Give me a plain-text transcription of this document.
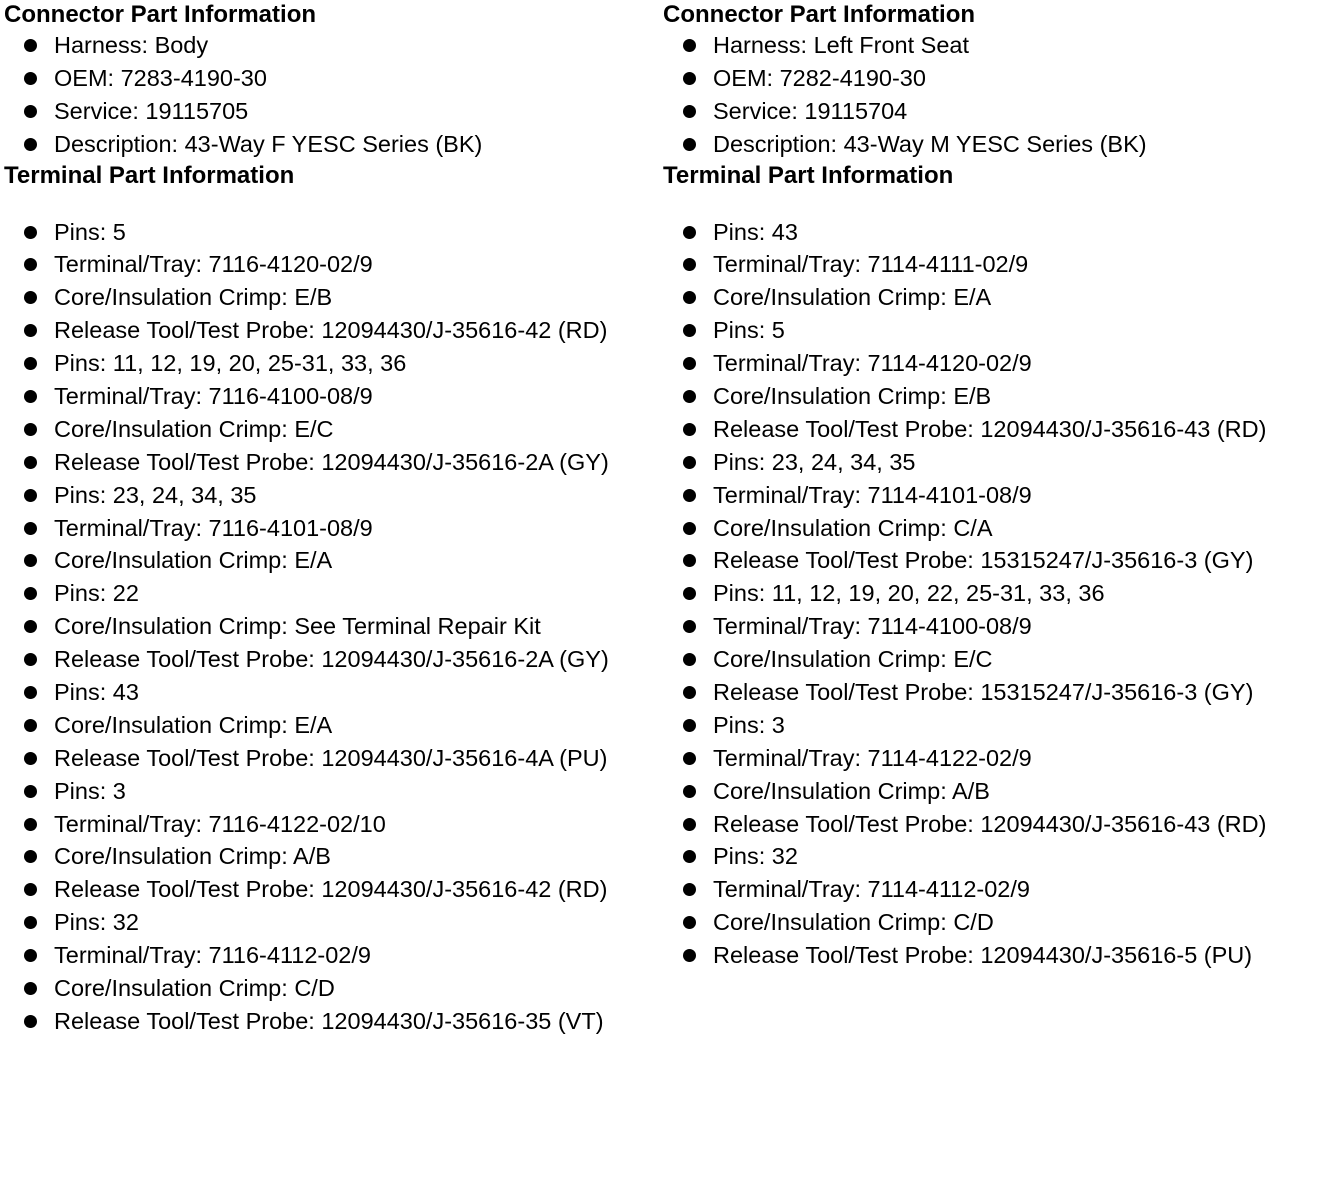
Connector Part Information
Harness: Body
OEM: 7283-4190-30
Service: 19115705
Description: 43-Way F YESC Series (BK)
Terminal Part Information
Pins: 5
Terminal/Tray: 7116-4120-02/9
Core/Insulation Crimp: E/B
Release Tool/Test Probe: 12094430/J-35616-42 (RD)
Pins: 11, 12, 19, 20, 25-31, 33, 36
Terminal/Tray: 7116-4100-08/9
Core/Insulation Crimp: E/C
Release Tool/Test Probe: 12094430/J-35616-2A (GY)
Pins: 23, 24, 34, 35
Terminal/Tray: 7116-4101-08/9
Core/Insulation Crimp: E/A
Pins: 22
Core/Insulation Crimp: See Terminal Repair Kit
Release Tool/Test Probe: 12094430/J-35616-2A (GY)
Pins: 43
Core/Insulation Crimp: E/A
Release Tool/Test Probe: 12094430/J-35616-4A (PU)
Pins: 3
Terminal/Tray: 7116-4122-02/10
Core/Insulation Crimp: A/B
Release Tool/Test Probe: 12094430/J-35616-42 (RD)
Pins: 32
Terminal/Tray: 7116-4112-02/9
Core/Insulation Crimp: C/D
Release Tool/Test Probe: 12094430/J-35616-35 (VT)
Connector Part Information
Harness: Left Front Seat
OEM: 7282-4190-30
Service: 19115704
Description: 43-Way M YESC Series (BK)
Terminal Part Information
Pins: 43
Terminal/Tray: 7114-4111-02/9
Core/Insulation Crimp: E/A
Pins: 5
Terminal/Tray: 7114-4120-02/9
Core/Insulation Crimp: E/B
Release Tool/Test Probe: 12094430/J-35616-43 (RD)
Pins: 23, 24, 34, 35
Terminal/Tray: 7114-4101-08/9
Core/Insulation Crimp: C/A
Release Tool/Test Probe: 15315247/J-35616-3 (GY)
Pins: 11, 12, 19, 20, 22, 25-31, 33, 36
Terminal/Tray: 7114-4100-08/9
Core/Insulation Crimp: E/C
Release Tool/Test Probe: 15315247/J-35616-3 (GY)
Pins: 3
Terminal/Tray: 7114-4122-02/9
Core/Insulation Crimp: A/B
Release Tool/Test Probe: 12094430/J-35616-43 (RD)
Pins: 32
Terminal/Tray: 7114-4112-02/9
Core/Insulation Crimp: C/D
Release Tool/Test Probe: 12094430/J-35616-5 (PU)
